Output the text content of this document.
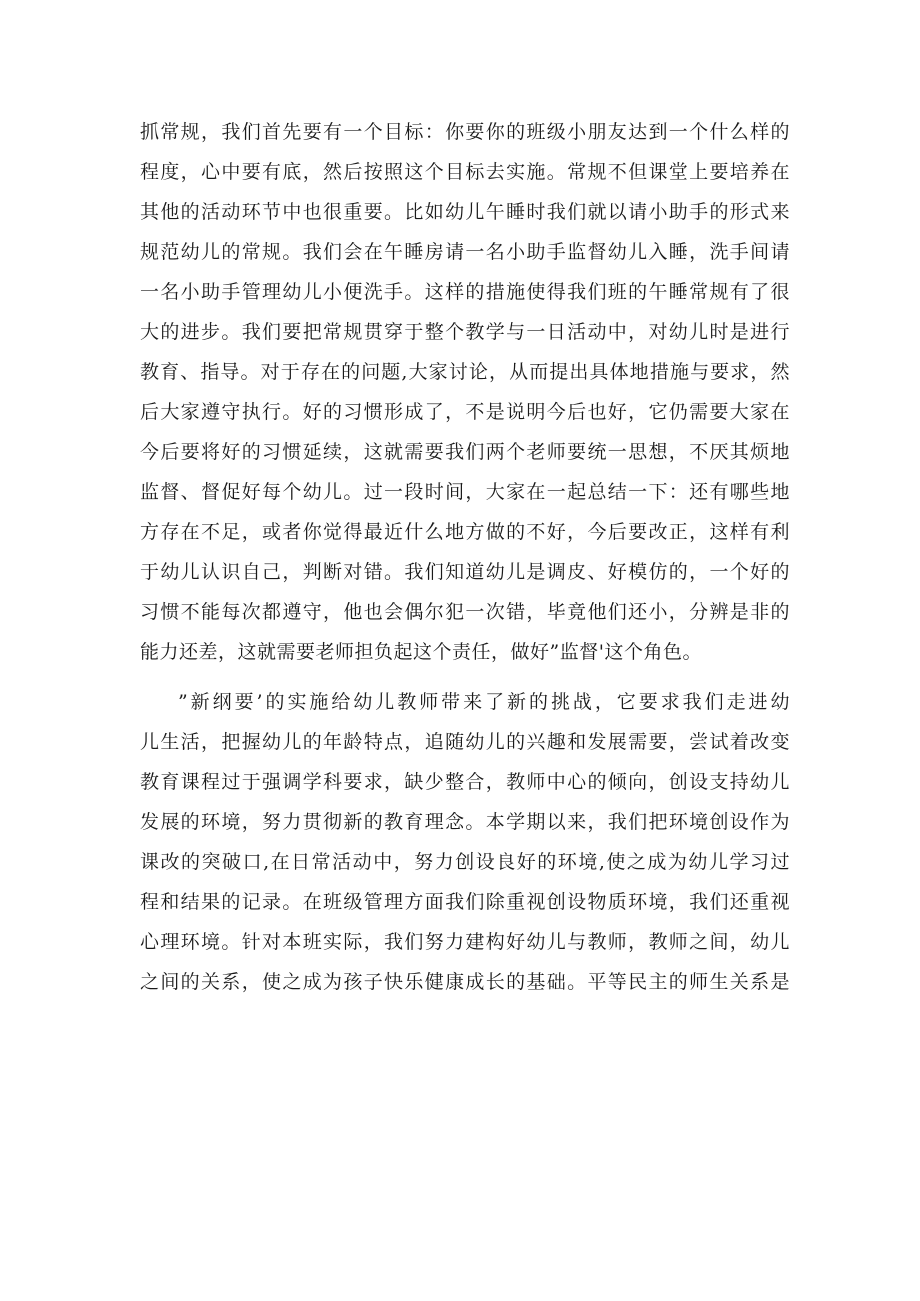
抓常规，我们首先要有一个目标：你要你的班级小朋友达到一个什么样的
程度，心中要有底，然后按照这个目标去实施。常规不但课堂上要培养在
其他的活动环节中也很重要。比如幼儿午睡时我们就以请小助手的形式来
规范幼儿的常规。我们会在午睡房请一名小助手监督幼儿入睡，洗手间请
一名小助手管理幼儿小便洗手。这样的措施使得我们班的午睡常规有了很
大的进步。我们要把常规贯穿于整个教学与一日活动中，对幼儿时是进行
教育、指导。对于存在的问题,大家讨论，从而提出具体地措施与要求，然
后大家遵守执行。好的习惯形成了，不是说明今后也好，它仍需要大家在
今后要将好的习惯延续，这就需要我们两个老师要统一思想，不厌其烦地
监督、督促好每个幼儿。过一段时间，大家在一起总结一下：还有哪些地
方存在不足，或者你觉得最近什么地方做的不好，今后要改正，这样有利
于幼儿认识自己，判断对错。我们知道幼儿是调皮、好模仿的，一个好的
习惯不能每次都遵守，他也会偶尔犯一次错，毕竟他们还小，分辨是非的
能力还差，这就需要老师担负起这个责任，做好”监督'这个角色。
”新纲要’的实施给幼儿教师带来了新的挑战，它要求我们走进幼
儿生活，把握幼儿的年龄特点，追随幼儿的兴趣和发展需要，尝试着改变
教育课程过于强调学科要求，缺少整合，教师中心的倾向，创设支持幼儿
发展的环境，努力贯彻新的教育理念。本学期以来，我们把环境创设作为
课改的突破口,在日常活动中，努力创设良好的环境,使之成为幼儿学习过
程和结果的记录。在班级管理方面我们除重视创设物质环境，我们还重视
心理环境。针对本班实际，我们努力建构好幼儿与教师，教师之间，幼儿
之间的关系，使之成为孩子快乐健康成长的基础。平等民主的师生关系是
